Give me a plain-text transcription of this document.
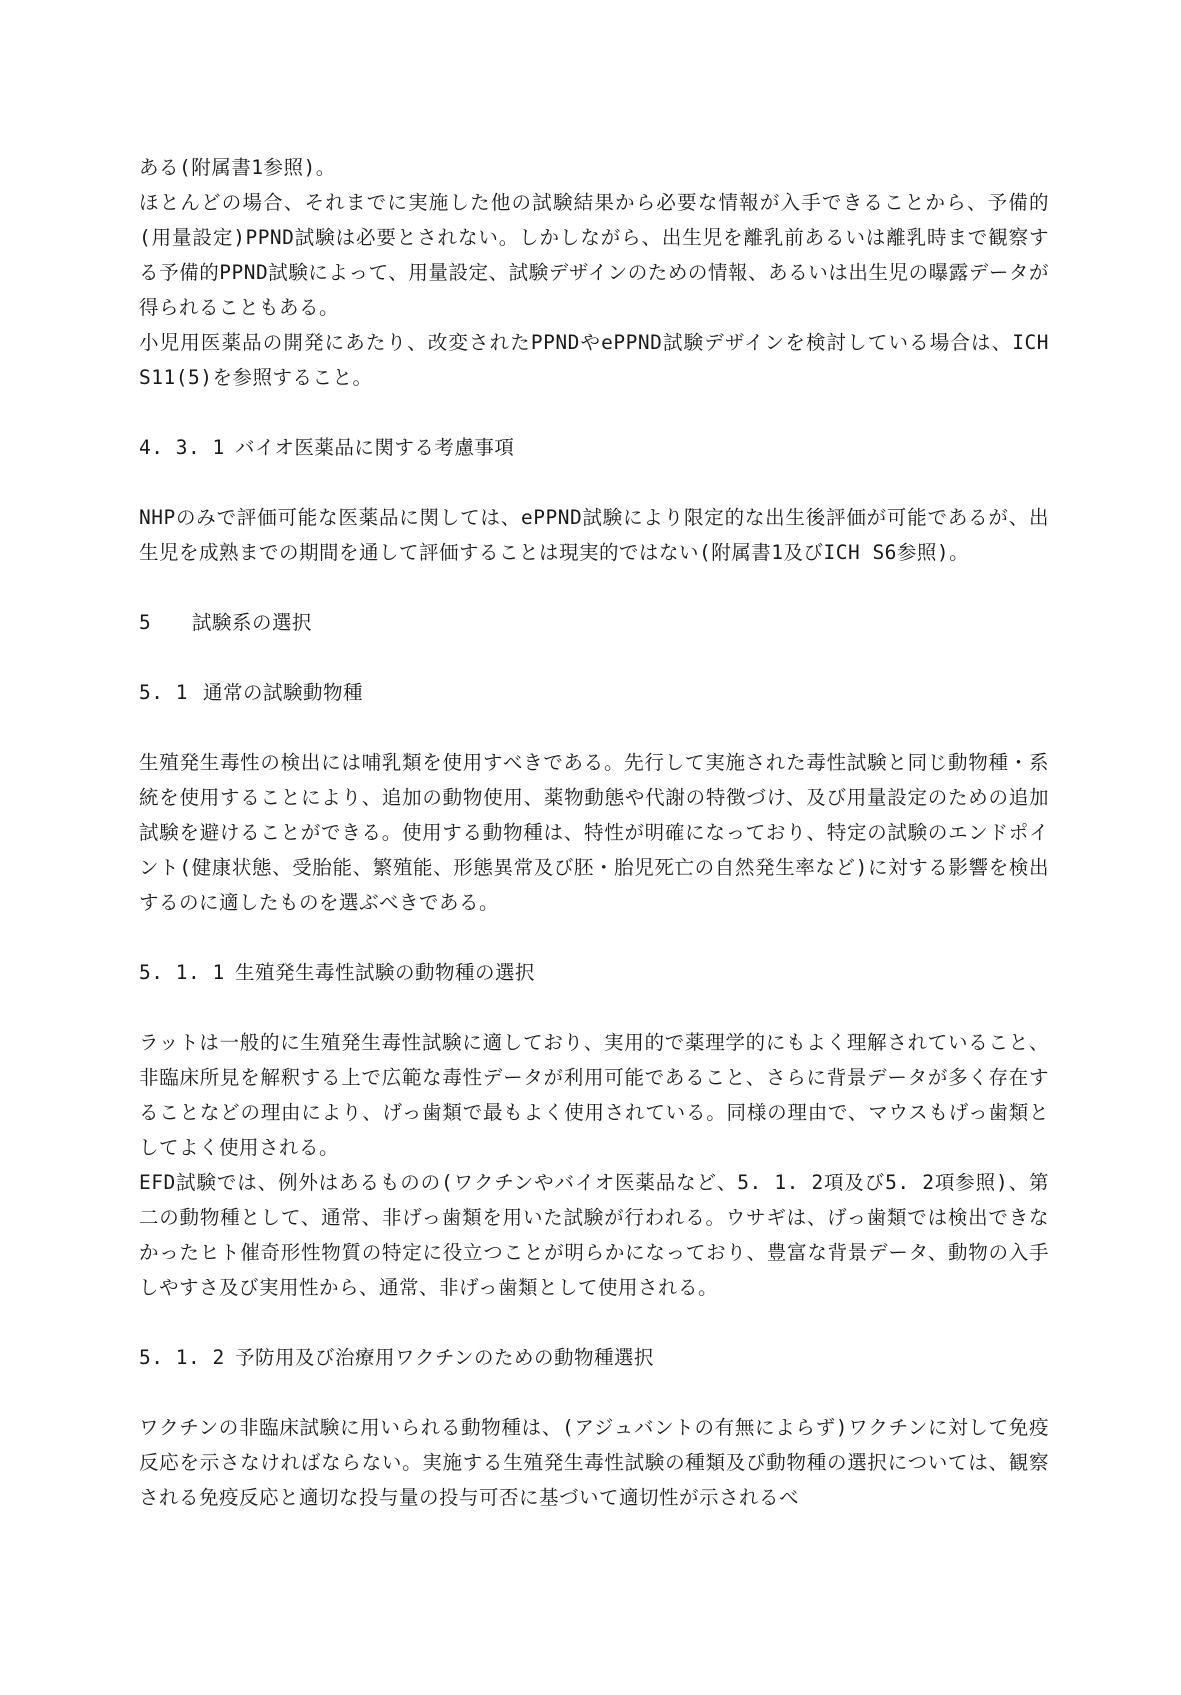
ある(附属書1参照)。

ほとんどの場合、それまでに実施した他の試験結果から必要な情報が入手できることから、予備的(用量設定)PPND試験は必要とされない。しかしながら、出生児を離乳前あるいは離乳時まで観察する予備的PPND試験によって、用量設定、試験デザインのための情報、あるいは出生児の曝露データが得られることもある。

小児用医薬品の開発にあたり、改変されたPPNDやePPND試験デザインを検討している場合は、ICH S11(5)を参照すること。

4. 3. 1 バイオ医薬品に関する考慮事項

NHPのみで評価可能な医薬品に関しては、ePPND試験により限定的な出生後評価が可能であるが、出生児を成熟までの期間を通して評価することは現実的ではない(附属書1及びICH S6参照)。

5 試験系の選択

5. 1 通常の試験動物種

生殖発生毒性の検出には哺乳類を使用すべきである。先行して実施された毒性試験と同じ動物種・系統を使用することにより、追加の動物使用、薬物動態や代謝の特徴づけ、及び用量設定のための追加試験を避けることができる。使用する動物種は、特性が明確になっており、特定の試験のエンドポイント(健康状態、受胎能、繁殖能、形態異常及び胚・胎児死亡の自然発生率など)に対する影響を検出するのに適したものを選ぶべきである。

5. 1. 1 生殖発生毒性試験の動物種の選択

ラットは一般的に生殖発生毒性試験に適しており、実用的で薬理学的にもよく理解されていること、非臨床所見を解釈する上で広範な毒性データが利用可能であること、さらに背景データが多く存在することなどの理由により、げっ歯類で最もよく使用されている。同様の理由で、マウスもげっ歯類としてよく使用される。

EFD試験では、例外はあるものの(ワクチンやバイオ医薬品など、5. 1. 2項及び5. 2項参照)、第二の動物種として、通常、非げっ歯類を用いた試験が行われる。ウサギは、げっ歯類では検出できなかったヒト催奇形性物質の特定に役立つことが明らかになっており、豊富な背景データ、動物の入手しやすさ及び実用性から、通常、非げっ歯類として使用される。

5. 1. 2 予防用及び治療用ワクチンのための動物種選択

ワクチンの非臨床試験に用いられる動物種は、(アジュバントの有無によらず)ワクチンに対して免疫反応を示さなければならない。実施する生殖発生毒性試験の種類及び動物種の選択については、観察される免疫反応と適切な投与量の投与可否に基づいて適切性が示されるべ
